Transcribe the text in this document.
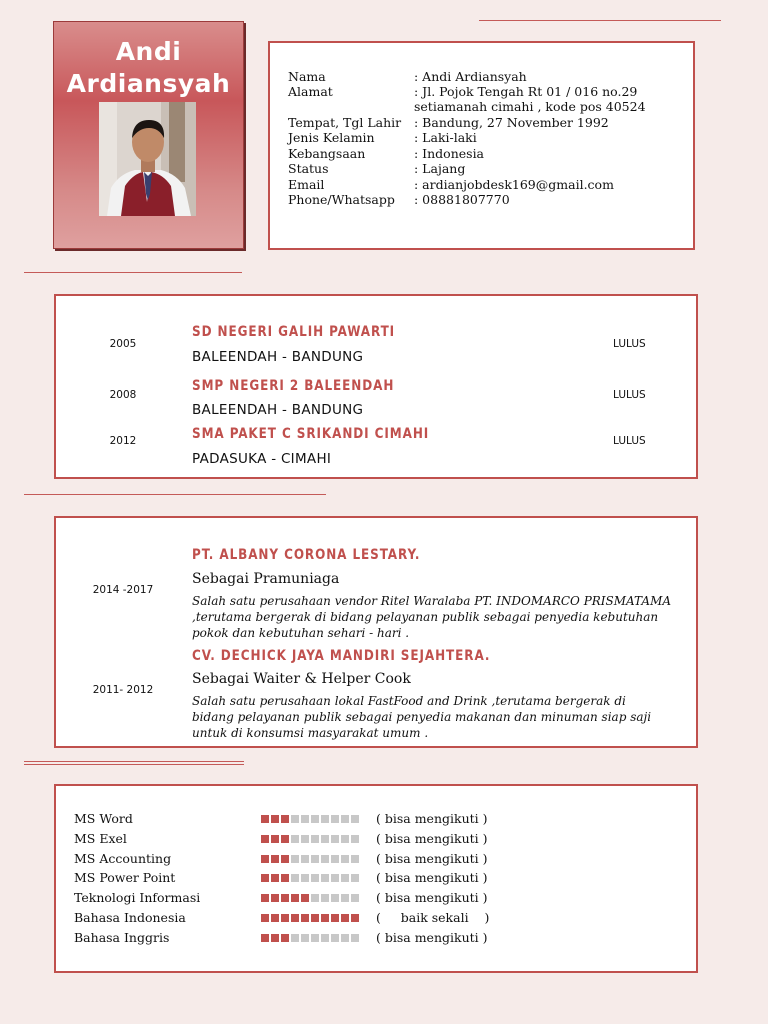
Andi
Ardiansyah	Nama	: Andi Ardiansyah
Alamat	: Jl. Pojok Tengah Rt 01 / 016 no.29
setiamanah cimahi , kode pos 40524
Tempat, Tgl Lahir	: Bandung, 27 November 1992
Jenis Kelamin	: Laki-laki
Kebangsaan	: Indonesia
Status	: Lajang
Email	: ardianjobdesk169@gmail.com
Phone/Whatsapp	: 08881807770
2005
SD NEGERI GALIH PAWARTI
BALEENDAH - BANDUNG
LULUS
2008
SMP NEGERI 2 BALEENDAH
BALEENDAH - BANDUNG
LULUS
2012	SMA PAKET C SRIKANDI CIMAHI
PADASUKA - CIMAHI
LULUS
2014 -2017
PT. ALBANY CORONA LESTARY.
Sebagai Pramuniaga
Salah satu perusahaan vendor Ritel Waralaba PT. INDOMARCO PRISMATAMA
,terutama bergerak di bidang pelayanan publik sebagai penyedia kebutuhan
pokok dan kebutuhan sehari - hari .
2011- 2012
CV. DECHICK JAYA MANDIRI SEJAHTERA.
Sebagai Waiter & Helper Cook
Salah satu perusahaan lokal FastFood and Drink ,terutama bergerak di
bidang pelayanan publik sebagai penyedia makanan dan minuman siap saji
untuk di konsumsi masyarakat umum .
MS Word	( bisa mengikuti )
MS Exel	( bisa mengikuti )
MS Accounting	( bisa mengikuti )
MS Power Point	( bisa mengikuti )
Teknologi Informasi	( bisa mengikuti )
Bahasa Indonesia	(     baik sekali    )
Bahasa Inggris	( bisa mengikuti )
